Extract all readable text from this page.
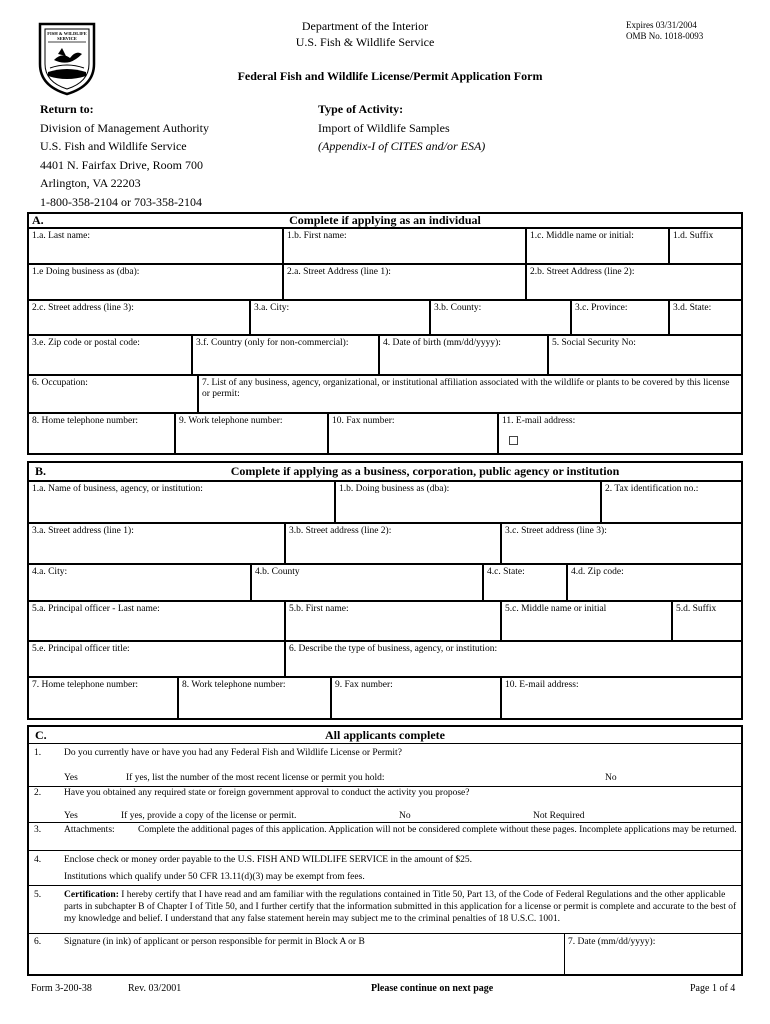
FISH & WILDLIFE SERVICE
Department of the Interior
U.S. Fish & Wildlife Service
Expires 03/31/2004
OMB No. 1018-0093
Federal Fish and Wildlife License/Permit Application Form
Return to:
Division of Management Authority
U.S. Fish and Wildlife Service
4401 N. Fairfax Drive, Room 700
Arlington, VA 22203
1-800-358-2104 or 703-358-2104
Type of Activity:
Import of Wildlife Samples
(Appendix-I of CITES and/or ESA)
A.	Complete if applying as an individual
1.a. Last name:	1.b. First name:	1.c. Middle name or initial:	1.d. Suffix
1.e Doing business as (dba):	2.a. Street Address (line 1):	2.b. Street Address (line 2):
2.c. Street address (line 3):	3.a. City:	3.b. County:	3.c. Province:	3.d. State:
3.e. Zip code or postal code:	3.f. Country (only for non-commercial):	4. Date of birth (mm/dd/yyyy):	5. Social Security No:
6. Occupation:	7. List of any business, agency, organizational, or institutional affiliation associated with the wildlife or plants to be covered by this license or permit:
8. Home telephone number:	9. Work telephone number:	10. Fax number:	11. E-mail address:
B.	Complete if applying as a business, corporation, public agency or institution
1.a. Name of business, agency, or institution:	1.b. Doing business as (dba):	2. Tax identification no.:
3.a. Street address (line 1):	3.b. Street address (line 2):	3.c. Street address (line 3):
4.a. City:	4.b. County	4.c. State:	4.d. Zip code:
5.a. Principal officer - Last name:	5.b. First name:	5.c. Middle name or initial	5.d. Suffix
5.e. Principal officer title:	6. Describe the type of business, agency, or institution:
7. Home telephone number:	8. Work telephone number:	9. Fax number:	10. E-mail address:
C.	All applicants complete
1. Do you currently have or have you had any Federal Fish and Wildlife License or Permit?
Yes	If yes, list the number of the most recent license or permit you hold:	No
2. Have you obtained any required state or foreign government approval to conduct the activity you propose?
Yes	If yes, provide a copy of the license or permit.	No	Not Required
3. Attachments: Complete the additional pages of this application. Application will not be considered complete without these pages. Incomplete applications may be returned.
4. Enclose check or money order payable to the U.S. FISH AND WILDLIFE SERVICE in the amount of $25.
Institutions which qualify under 50 CFR 13.11(d)(3) may be exempt from fees.
5. Certification: I hereby certify that I have read and am familiar with the regulations contained in Title 50, Part 13, of the Code of Federal Regulations and the other applicable parts in subchapter B of Chapter I of Title 50, and I further certify that the information submitted in this application for a license or permit is complete and accurate to the best of my knowledge and belief. I understand that any false statement herein may subject me to the criminal penalties of 18 U.S.C. 1001.
6. Signature (in ink) of applicant or person responsible for permit in Block A or B	7. Date (mm/dd/yyyy):
Form 3-200-38	Rev. 03/2001	Please continue on next page	Page 1 of 4
